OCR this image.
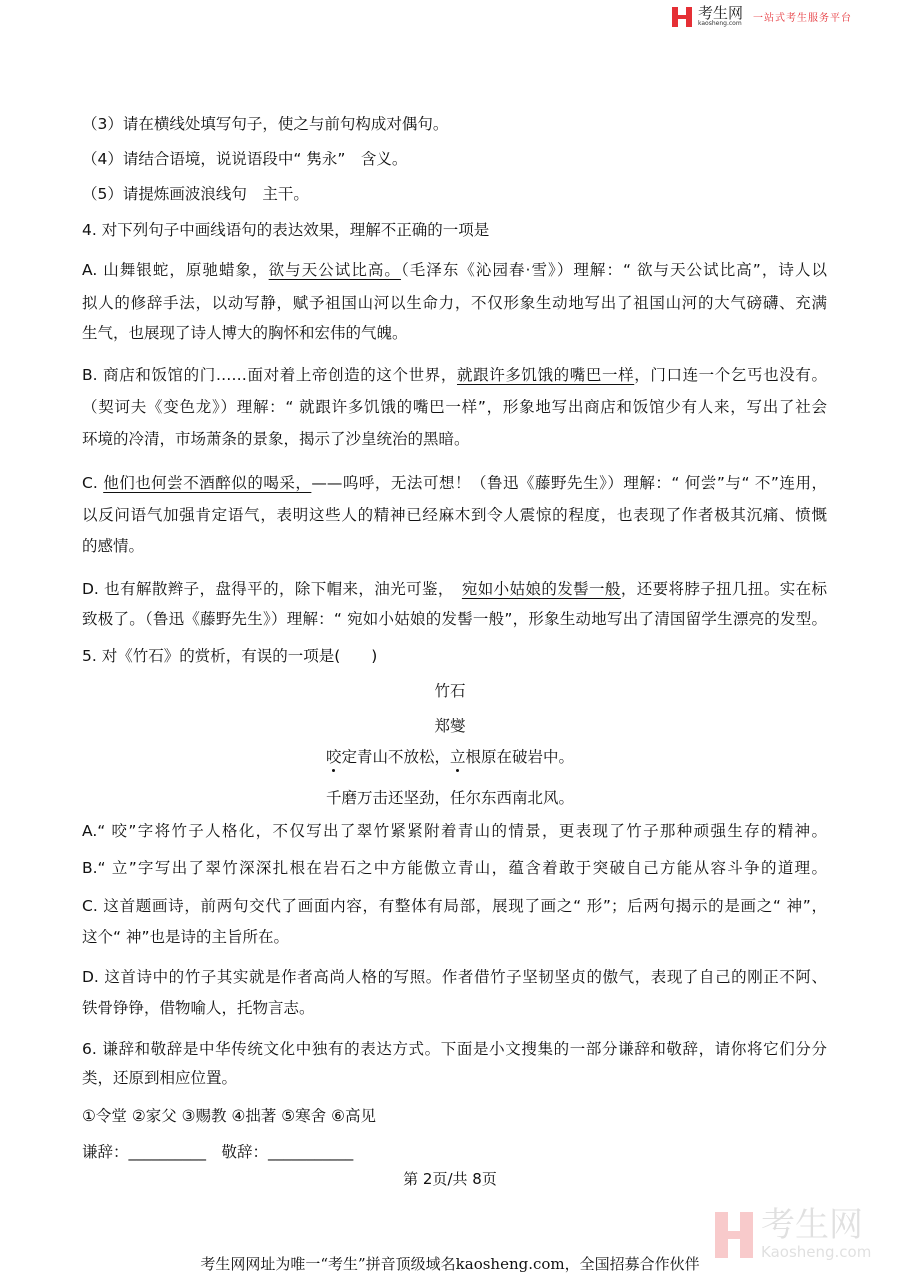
考生网
kaosheng.com 一站式考生服务平台
（3）请在横线处填写句子，使之与前句构成对偶句。
（4）请结合语境，说说语段中“ 隽永”　含义。
（5）请提炼画波浪线句　主干。
4. 对下列句子中画线语句的表达效果，理解不正确的一项是
A. 山舞银蛇，原驰蜡象，欲与天公试比高。（毛泽东《沁园春·雪》）理解：“ 欲与天公试比高”，诗人以
拟人的修辞手法，以动写静，赋予祖国山河以生命力，不仅形象生动地写出了祖国山河的大气磅礴、充满
生气，也展现了诗人博大的胸怀和宏伟的气魄。
B. 商店和饭馆的门……面对着上帝创造的这个世界，就跟许多饥饿的嘴巴一样，门口连一个乞丐也没有。
（契诃夫《变色龙》）理解：“ 就跟许多饥饿的嘴巴一样”，形象地写出商店和饭馆少有人来，写出了社会
环境的冷清，市场萧条的景象，揭示了沙皇统治的黑暗。
C. 他们也何尝不酒醉似的喝采，——呜呼，无法可想！（鲁迅《藤野先生》）理解：“ 何尝”与“ 不”连用，
以反问语气加强肯定语气，表明这些人的精神已经麻木到令人震惊的程度，也表现了作者极其沉痛、愤慨
的感情。
D. 也有解散辫子，盘得平的，除下帽来，油光可鉴，　宛如小姑娘的发髻一般，还要将脖子扭几扭。实在标
致极了。（鲁迅《藤野先生》）理解：“ 宛如小姑娘的发髻一般”，形象生动地写出了清国留学生漂亮的发型。
5. 对《竹石》的赏析，有误的一项是(　　)
竹石
郑燮
咬定青山不放松，立根原在破岩中。
千磨万击还坚劲，任尔东西南北风。
A.“ 咬”字将竹子人格化，不仅写出了翠竹紧紧附着青山的情景，更表现了竹子那种顽强生存的精神。
B.“ 立”字写出了翠竹深深扎根在岩石之中方能傲立青山，蕴含着敢于突破自己方能从容斗争的道理。
C. 这首题画诗，前两句交代了画面内容，有整体有局部，展现了画之“ 形”；后两句揭示的是画之“ 神”，
这个“ 神”也是诗的主旨所在。
D. 这首诗中的竹子其实就是作者高尚人格的写照。作者借竹子坚韧坚贞的傲气，表现了自己的刚正不阿、
铁骨铮铮，借物喻人，托物言志。
6. 谦辞和敬辞是中华传统文化中独有的表达方式。下面是小文搜集的一部分谦辞和敬辞，请你将它们分分
类，还原到相应位置。
①令堂 ②家父 ③赐教 ④拙著 ⑤寒舍 ⑥高见
谦辞：__________　敬辞：___________
第 2页/共 8页
考生网
Kaosheng.com
考生网网址为唯一“考生”拼音顶级域名kaosheng.com，全国招募合作伙伴
